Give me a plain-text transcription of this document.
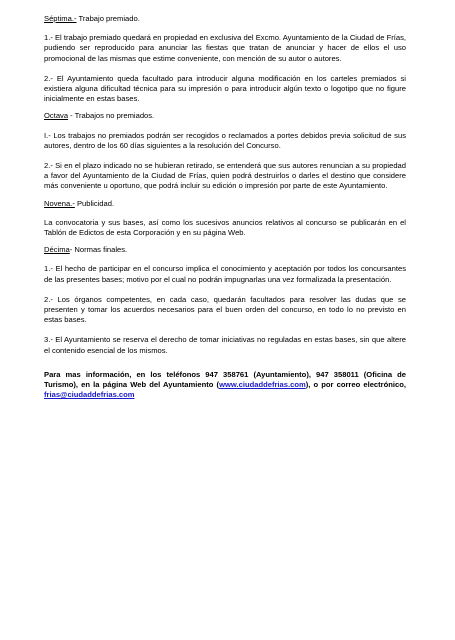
Séptima.- Trabajo premiado.

1.- El trabajo premiado quedará en propiedad en exclusiva del Excmo. Ayuntamiento de la Ciudad de Frías, pudiendo ser reproducido para anunciar las fiestas que tratan de anunciar y hacer de ellos el uso promocional de las mismas que estime conveniente, con mención de su autor o autores.

2.- El Ayuntamiento queda facultado para introducir alguna modificación en los carteles premiados si existiera alguna dificultad técnica para su impresión o para introducir algún texto o logotipo que no figure inicialmente en estas bases.

Octava - Trabajos no premiados.

I.- Los trabajos no premiados podrán ser recogidos o reclamados a portes debidos previa solicitud de sus autores, dentro de los 60 días siguientes a la resolución del Concurso.

2.- Si en el plazo indicado no se hubieran retirado, se entenderá que sus autores renuncian a su propiedad a favor del Ayuntamiento de la Ciudad de Frías, quien podrá destruirlos o darles el destino que considere más conveniente u oportuno, que podrá incluir su edición o impresión por parte de este Ayuntamiento.

Novena.- Publicidad.

La convocatoria y sus bases, así como los sucesivos anuncios relativos al concurso se publicarán en el Tablón de Edictos de esta Corporación y en su página Web.

Décima- Normas finales.

1.- El hecho de participar en el concurso implica el conocimiento y aceptación por todos los concursantes de las presentes bases; motivo por el cual no podrán impugnarlas una vez formalizada la presentación.

2.- Los órganos competentes, en cada caso, quedarán facultados para resolver las dudas que se presenten y tomar los acuerdos necesarios para el buen orden del concurso, en todo lo no previsto en estas bases.

3.- El Ayuntamiento se reserva el derecho de tomar iniciativas no reguladas en estas bases, sin que altere el contenido esencial de los mismos.

Para mas información, en los teléfonos 947 358761 (Ayuntamiento), 947 358011 (Oficina de Turismo), en la página Web del Ayuntamiento (www.ciudaddefrias.com), o por correo electrónico, frias@ciudaddefrias.com
